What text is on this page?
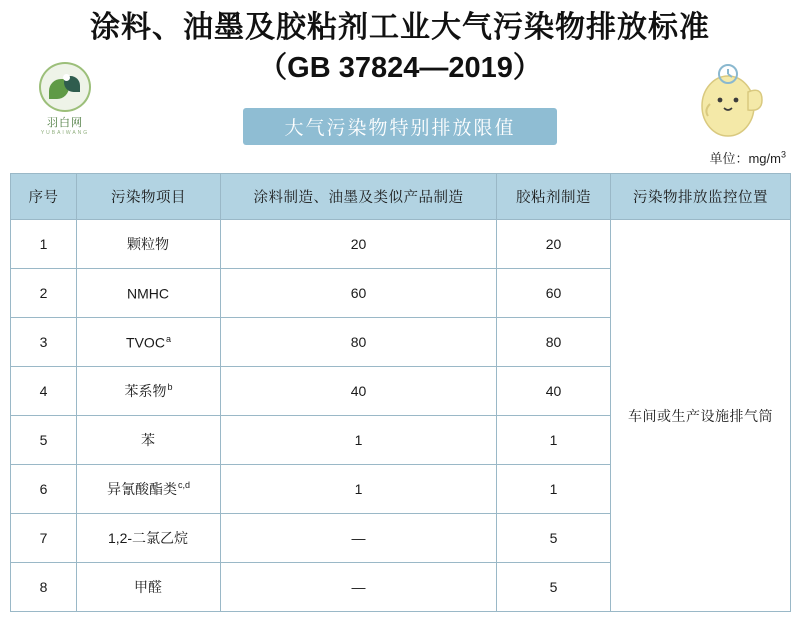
涂料、油墨及胶粘剂工业大气污染物排放标准
（GB 37824—2019）
羽白网
YUBAIWANG	大气污染物特别排放限值
单位：$mg/m^3$
序号	污染物项目	涂料制造、油墨及类似产品制造	胶粘剂制造	污染物排放监控位置
1	颗粒物	20	20	车间或生产设施排气筒
2	NMHC	60	60	
3	TVOC$^a$	80	80	
4	苯系物$^b$	40	40	
5	苯	1	1	
6	异氰酸酯类$^{c,d}$	1	1	
7	1,2-二氯乙烷	—	5	
8	甲醛	—	5	
